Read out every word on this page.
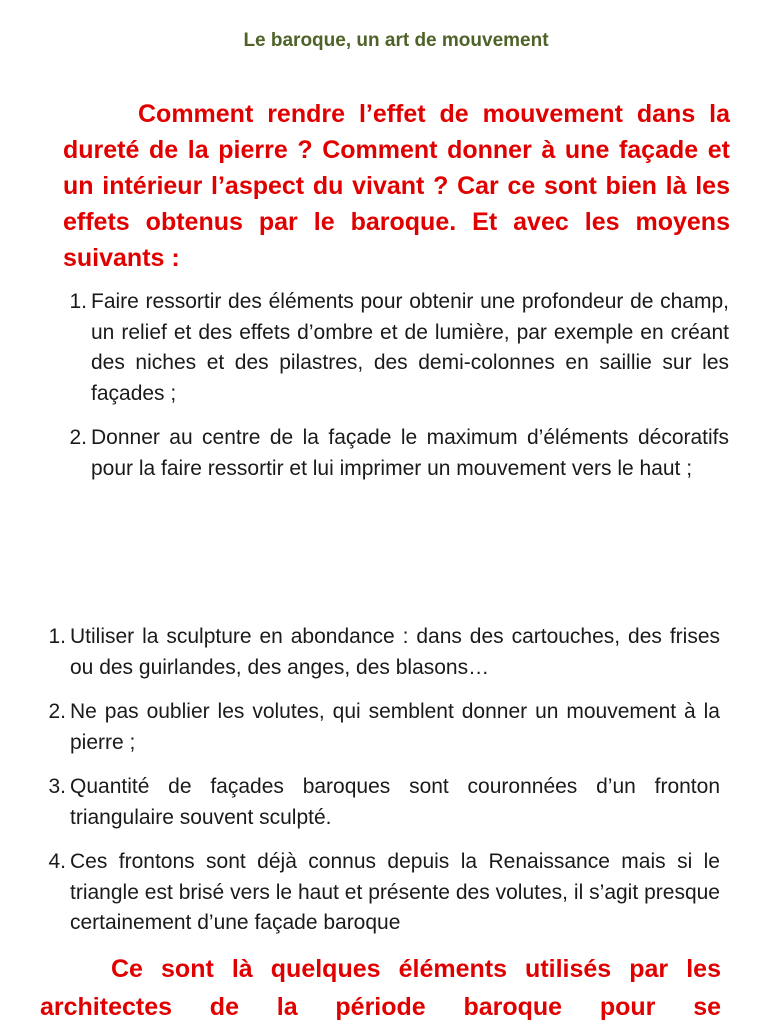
Le baroque, un art de mouvement

Comment rendre l’effet de mouvement dans la dureté de la pierre ? Comment donner à une façade et un intérieur l’aspect du vivant ? Car ce sont bien là les effets obtenus par le baroque. Et avec les moyens suivants :

1. Faire ressortir des éléments pour obtenir une profondeur de champ, un relief et des effets d’ombre et de lumière, par exemple en créant des niches et des pilastres, des demi-colonnes en saillie sur les façades ;
2. Donner au centre de la façade le maximum d’éléments décoratifs pour la faire ressortir et lui imprimer un mouvement vers le haut ;
1. Utiliser la sculpture en abondance : dans des cartouches, des frises ou des guirlandes, des anges, des blasons…
2. Ne pas oublier les volutes, qui semblent donner un mouvement à la pierre ;
3. Quantité de façades baroques sont couronnées d’un fronton triangulaire souvent sculpté.
4. Ces frontons sont déjà connus depuis la Renaissance mais si le triangle est brisé vers le haut et présente des volutes, il s’agit presque certainement d’une façade baroque

Ce sont là quelques éléments utilisés par les architectes de la période baroque pour se
